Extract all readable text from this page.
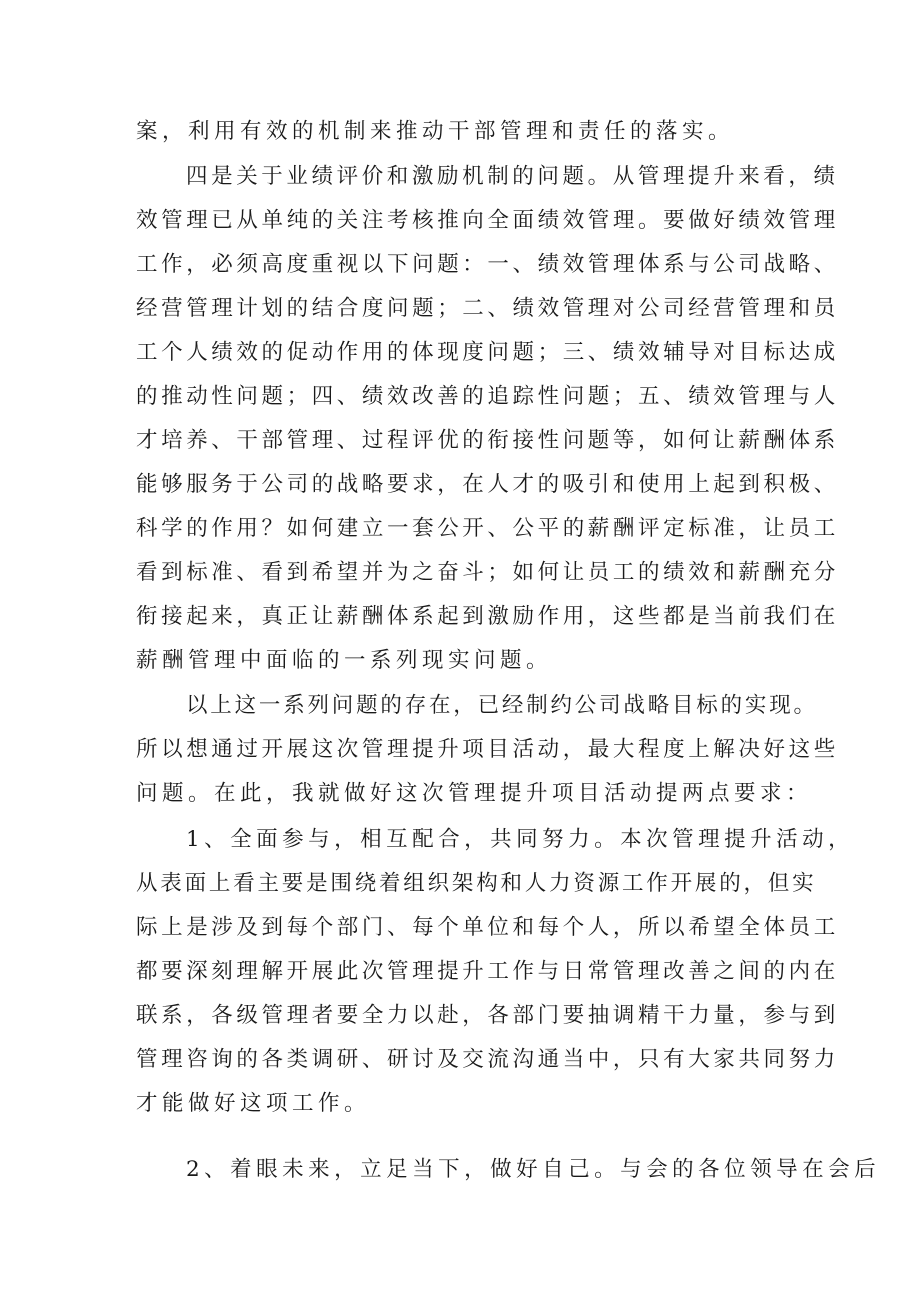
案，利用有效的机制来推动干部管理和责任的落实。
四是关于业绩评价和激励机制的问题。从管理提升来看，绩
效管理已从单纯的关注考核推向全面绩效管理。要做好绩效管理
工作，必须高度重视以下问题：一、绩效管理体系与公司战略、
经营管理计划的结合度问题；二、绩效管理对公司经营管理和员
工个人绩效的促动作用的体现度问题；三、绩效辅导对目标达成
的推动性问题；四、绩效改善的追踪性问题；五、绩效管理与人
才培养、干部管理、过程评优的衔接性问题等，如何让薪酬体系
能够服务于公司的战略要求，在人才的吸引和使用上起到积极、
科学的作用？如何建立一套公开、公平的薪酬评定标准，让员工
看到标准、看到希望并为之奋斗；如何让员工的绩效和薪酬充分
衔接起来，真正让薪酬体系起到激励作用，这些都是当前我们在
薪酬管理中面临的一系列现实问题。
以上这一系列问题的存在，已经制约公司战略目标的实现。
所以想通过开展这次管理提升项目活动，最大程度上解决好这些
问题。在此，我就做好这次管理提升项目活动提两点要求：
1、全面参与，相互配合，共同努力。本次管理提升活动，
从表面上看主要是围绕着组织架构和人力资源工作开展的，但实
际上是涉及到每个部门、每个单位和每个人，所以希望全体员工
都要深刻理解开展此次管理提升工作与日常管理改善之间的内在
联系，各级管理者要全力以赴，各部门要抽调精干力量，参与到
管理咨询的各类调研、研讨及交流沟通当中，只有大家共同努力
才能做好这项工作。
2、着眼未来，立足当下，做好自己。与会的各位领导在会后
